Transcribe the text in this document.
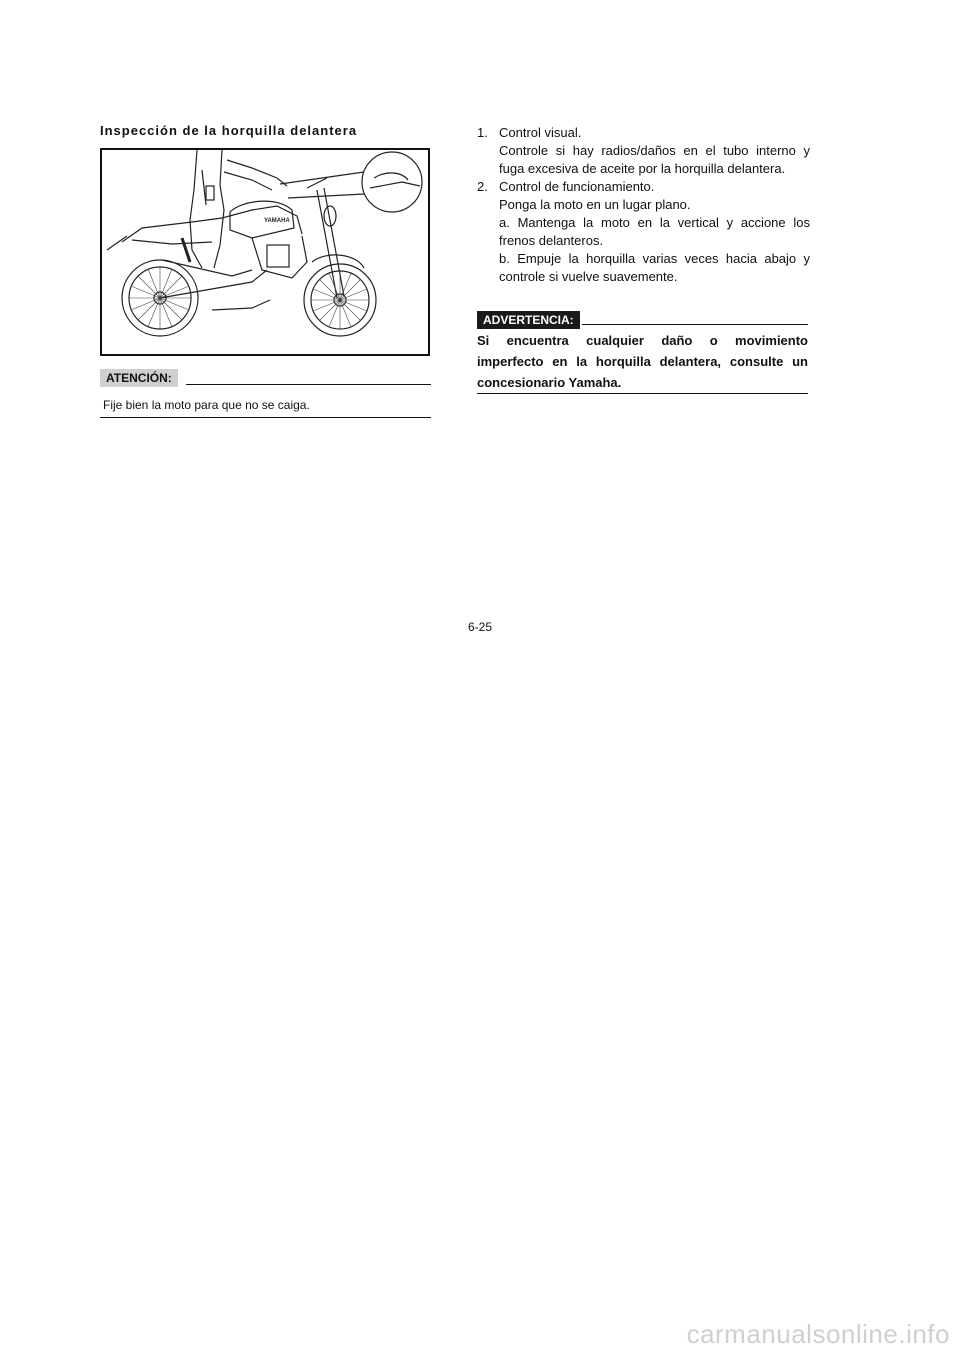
Inspección de la horquilla delantera
YAMAHA
ATENCIÓN:
Fije bien la moto para que no se caiga.
1. Control visual.
Controle si hay radios/daños en el tubo interno y
fuga excesiva de aceite por la horquilla delantera.
2. Control de funcionamiento.
Ponga la moto en un lugar plano.
a. Mantenga la moto en la vertical y accione los
frenos delanteros.
b. Empuje la horquilla varias veces hacia abajo y
controle si vuelve suavemente.
ADVERTENCIA:
Si encuentra cualquier daño o movimiento
imperfecto en la horquilla delantera, consulte un
concesionario Yamaha.
6-25
carmanualsonline.info
